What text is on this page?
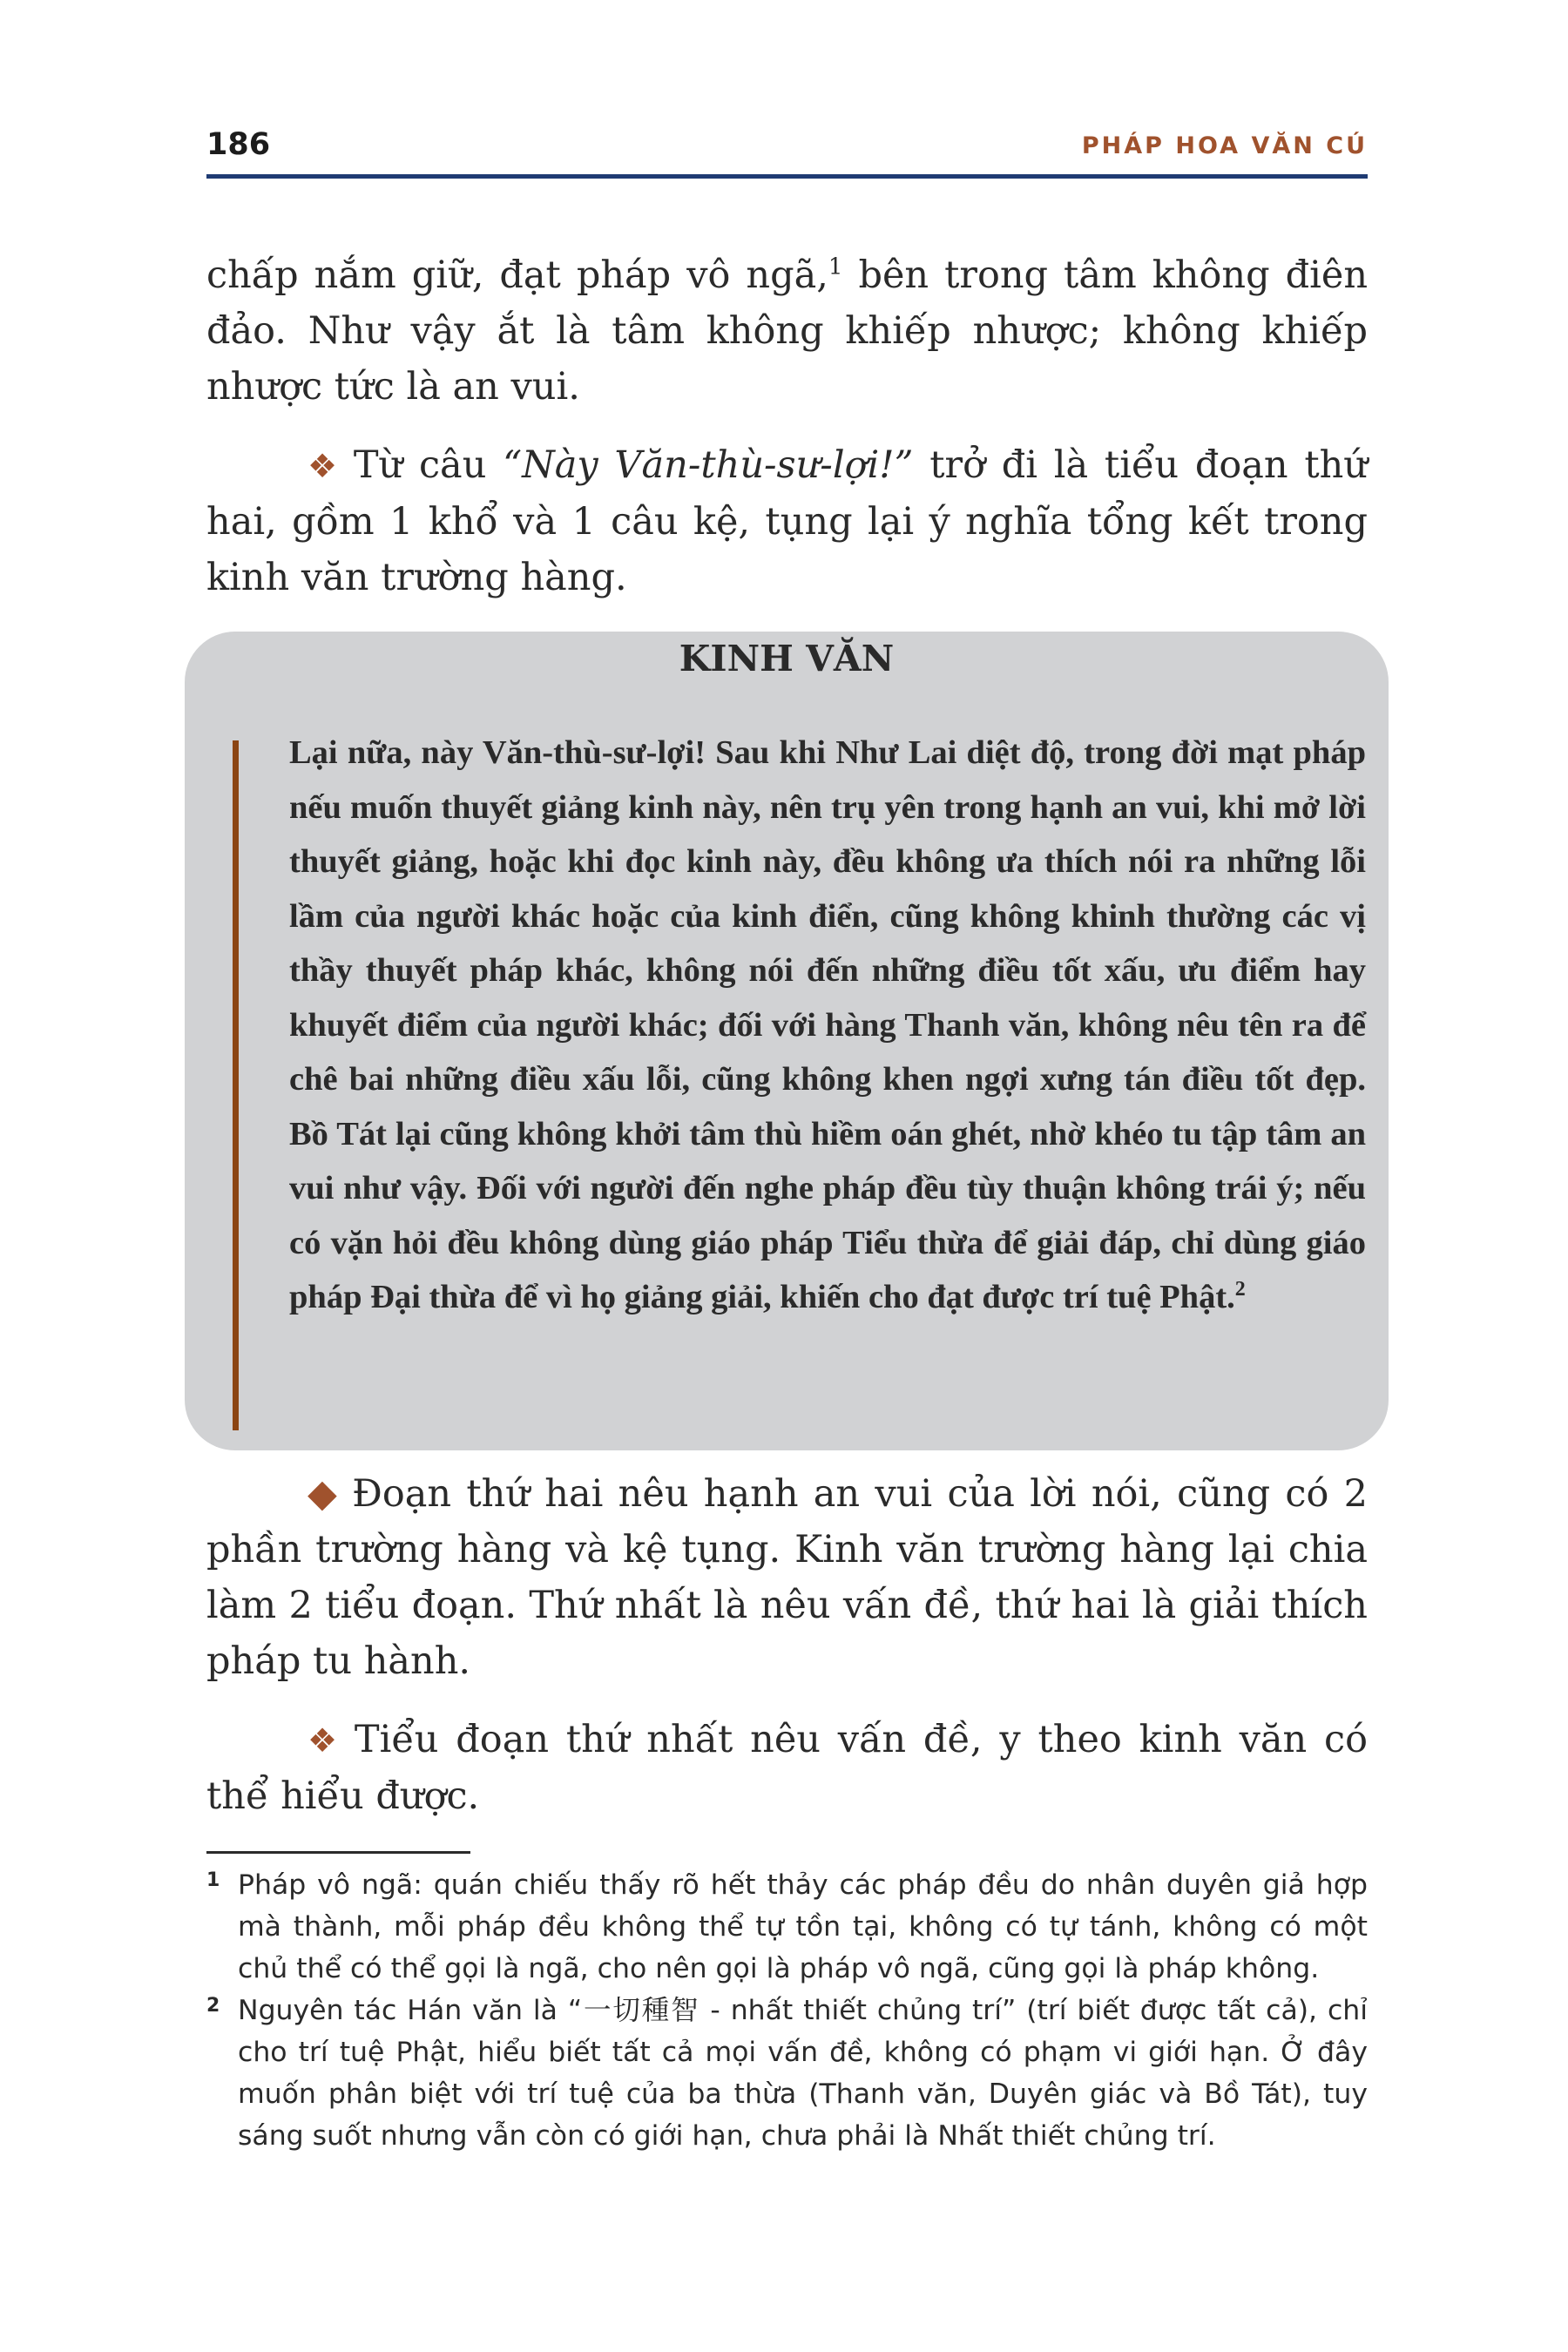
186	PHÁP HOA VĂN CÚ
chấp nắm giữ, đạt pháp vô ngã,$^1$ bên trong tâm không điên đảo. Như vậy ắt là tâm không khiếp nhược; không khiếp nhược tức là an vui.
❖ Từ câu “Này Văn-thù-sư-lợi!” trở đi là tiểu đoạn thứ hai, gồm 1 khổ và 1 câu kệ, tụng lại ý nghĩa tổng kết trong kinh văn trường hàng.
KINH VĂN
Lại nữa, này Văn-thù-sư-lợi! Sau khi Như Lai diệt độ, trong đời mạt pháp nếu muốn thuyết giảng kinh này, nên trụ yên trong hạnh an vui, khi mở lời thuyết giảng, hoặc khi đọc kinh này, đều không ưa thích nói ra những lỗi lầm của người khác hoặc của kinh điển, cũng không khinh thường các vị thầy thuyết pháp khác, không nói đến những điều tốt xấu, ưu điểm hay khuyết điểm của người khác; đối với hàng Thanh văn, không nêu tên ra để chê bai những điều xấu lỗi, cũng không khen ngợi xưng tán điều tốt đẹp. Bồ Tát lại cũng không khởi tâm thù hiềm oán ghét, nhờ khéo tu tập tâm an vui như vậy. Đối với người đến nghe pháp đều tùy thuận không trái ý; nếu có vặn hỏi đều không dùng giáo pháp Tiểu thừa để giải đáp, chỉ dùng giáo pháp Đại thừa để vì họ giảng giải, khiến cho đạt được trí tuệ Phật.$^2$
◆ Đoạn thứ hai nêu hạnh an vui của lời nói, cũng có 2 phần trường hàng và kệ tụng. Kinh văn trường hàng lại chia làm 2 tiểu đoạn. Thứ nhất là nêu vấn đề, thứ hai là giải thích pháp tu hành.
❖ Tiểu đoạn thứ nhất nêu vấn đề, y theo kinh văn có thể hiểu được.
1 Pháp vô ngã: quán chiếu thấy rõ hết thảy các pháp đều do nhân duyên giả hợp mà thành, mỗi pháp đều không thể tự tồn tại, không có tự tánh, không có một chủ thể có thể gọi là ngã, cho nên gọi là pháp vô ngã, cũng gọi là pháp không.
2 Nguyên tác Hán văn là “一切種智 - nhất thiết chủng trí” (trí biết được tất cả), chỉ cho trí tuệ Phật, hiểu biết tất cả mọi vấn đề, không có phạm vi giới hạn. Ở đây muốn phân biệt với trí tuệ của ba thừa (Thanh văn, Duyên giác và Bồ Tát), tuy sáng suốt nhưng vẫn còn có giới hạn, chưa phải là Nhất thiết chủng trí.
